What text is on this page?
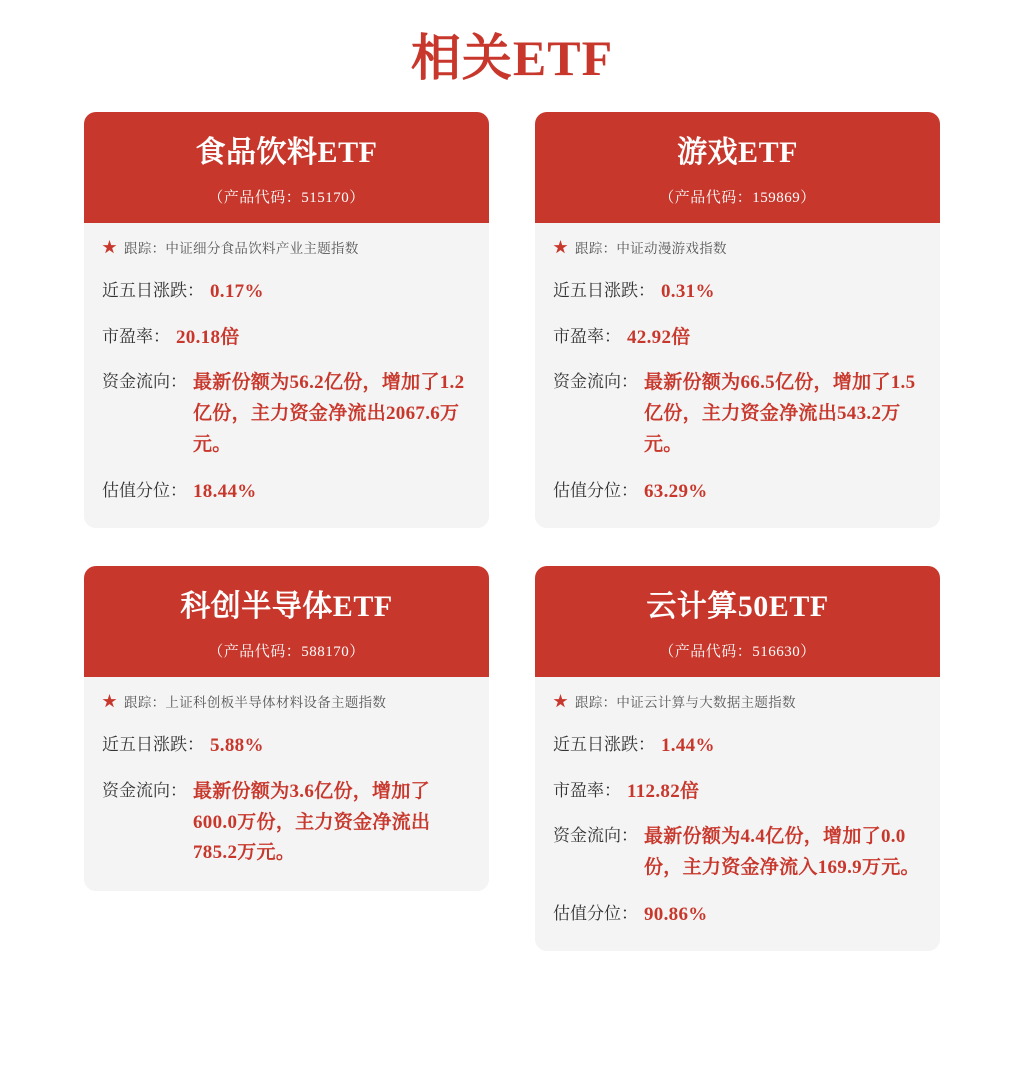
相关ETF
食品饮料ETF
（产品代码：515170）
★ 跟踪： 中证细分食品饮料产业主题指数
近五日涨跌： 0.17%
市盈率： 20.18倍
资金流向： 最新份额为56.2亿份，增加了1.2亿份，主力资金净流出2067.6万元。
估值分位： 18.44%
游戏ETF
（产品代码：159869）
★ 跟踪： 中证动漫游戏指数
近五日涨跌： 0.31%
市盈率： 42.92倍
资金流向： 最新份额为66.5亿份，增加了1.5亿份，主力资金净流出543.2万元。
估值分位： 63.29%
科创半导体ETF
（产品代码：588170）
★ 跟踪： 上证科创板半导体材料设备主题指数
近五日涨跌： 5.88%
资金流向： 最新份额为3.6亿份，增加了600.0万份，主力资金净流出785.2万元。
云计算50ETF
（产品代码：516630）
★ 跟踪： 中证云计算与大数据主题指数
近五日涨跌： 1.44%
市盈率： 112.82倍
资金流向： 最新份额为4.4亿份，增加了0.0份，主力资金净流入169.9万元。
估值分位： 90.86%
